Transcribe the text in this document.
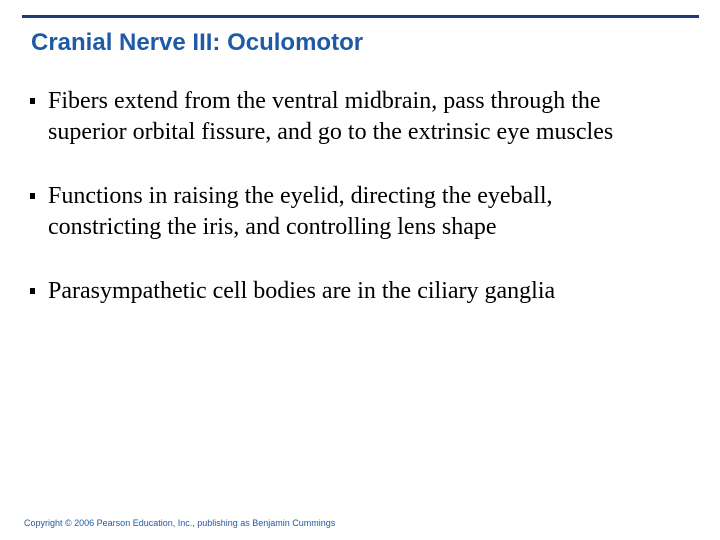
Cranial Nerve III: Oculomotor
Fibers extend from the ventral midbrain, pass through the superior orbital fissure, and go to the extrinsic eye muscles
Functions in raising the eyelid, directing the eyeball, constricting the iris, and controlling lens shape
Parasympathetic cell bodies are in the ciliary ganglia
Copyright © 2006 Pearson Education, Inc., publishing as Benjamin Cummings
